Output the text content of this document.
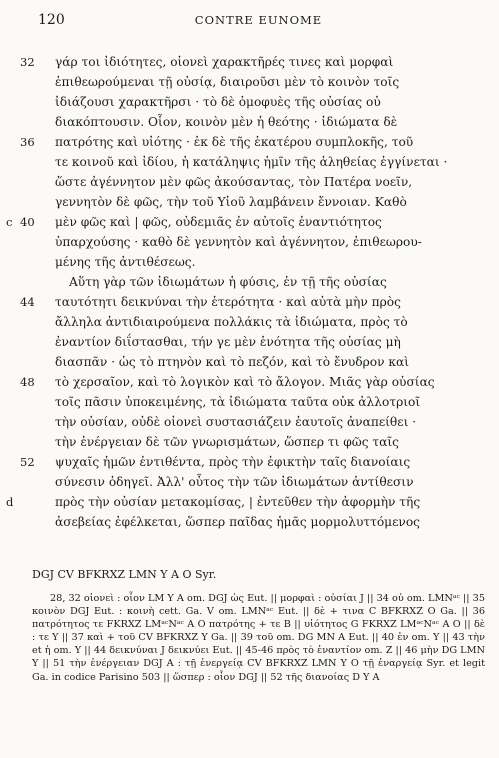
120	CONTRE EUNOME
32	γάρ τοι ἰδιότητες, οἱονεὶ χαρακτῆρές τινες καὶ μορφαὶ
ἐπιθεωρούμεναι τῇ οὐσίᾳ, διαιροῦσι μὲν τὸ κοινὸν τοῖς
ἰδιάζουσι χαρακτῆρσι · τὸ δὲ ὁμοφυὲς τῆς οὐσίας οὐ
διακόπτουσιν. Οἷον, κοινὸν μὲν ἡ θεότης · ἰδιώματα δὲ
36	πατρότης καὶ υἱότης · ἐκ δὲ τῆς ἑκατέρου συμπλοκῆς, τοῦ
τε κοινοῦ καὶ ἰδίου, ἡ κατάληψις ἡμῖν τῆς ἀληθείας ἐγγίνεται ·
ὥστε ἀγέννητον μὲν φῶς ἀκούσαντας, τὸν Πατέρα νοεῖν,
γεννητὸν δὲ φῶς, τὴν τοῦ Υἱοῦ λαμβάνειν ἔννοιαν. Καθὸ
c 40	μὲν φῶς καὶ | φῶς, οὐδεμιᾶς ἐν αὐτοῖς ἐναντιότητος
ὑπαρχούσης · καθὸ δὲ γεννητὸν καὶ ἀγέννητον, ἐπιθεωρου-
μένης τῆς ἀντιθέσεως.
Αὕτη γὰρ τῶν ἰδιωμάτων ἡ φύσις, ἐν τῇ τῆς οὐσίας
44	ταυτότητι δεικνύναι τὴν ἑτερότητα · καὶ αὐτὰ μὴν πρὸς
ἄλληλα ἀντιδιαιρούμενα πολλάκις τὰ ἰδιώματα, πρὸς τὸ
ἐναντίον διΐστασθαι, τήν γε μὲν ἑνότητα τῆς οὐσίας μὴ
διασπᾶν · ὡς τὸ πτηνὸν καὶ τὸ πεζόν, καὶ τὸ ἔνυδρον καὶ
48	τὸ χερσαῖον, καὶ τὸ λογικὸν καὶ τὸ ἄλογον. Μιᾶς γὰρ οὐσίας
τοῖς πᾶσιν ὑποκειμένης, τὰ ἰδιώματα ταῦτα οὐκ ἀλλοτριοῖ
τὴν οὐσίαν, οὐδὲ οἱονεὶ συστασιάζειν ἑαυτοῖς ἀναπείθει ·
τὴν ἐνέργειαν δὲ τῶν γνωρισμάτων, ὥσπερ τι φῶς ταῖς
52	ψυχαῖς ἡμῶν ἐντιθέντα, πρὸς τὴν ἐφικτὴν ταῖς διανοίαις
σύνεσιν ὁδηγεῖ. Ἀλλ' οὗτος τὴν τῶν ἰδιωμάτων ἀντίθεσιν
d	πρὸς τὴν οὐσίαν μετακομίσας, | ἐντεῦθεν τὴν ἀφορμὴν τῆς
ἀσεβείας ἐφέλκεται, ὥσπερ παῖδας ἡμᾶς μορμολυττόμενος
DGJ CV BFKRXZ LMN Y A O Syr.

28, 32 οἱονεὶ : οἷον LM Y A om. DGJ ὡς Eut. || μορφαὶ : οὐσίαι J || 34 οὐ om. LMNᵃᶜ || 35 κοινὸν DGJ Eut. : κοινὴ cett. Ga. V om. LMNᵃᶜ Eut. || δὲ + τινα C BFKRXZ O Ga. || 36 πατρότητος τε FKRXZ LMᵃᶜNᵃᶜ A O πατρότης + τε B || υἱότητος G FKRXZ LMᵃᶜNᵃᶜ A O || δὲ : τε Y || 37 καὶ + τοῦ CV BFKRXZ Y Ga. || 39 τοῦ om. DG MN A Eut. || 40 ἐν om. Y || 43 τὴν et ἡ om. Y || 44 δεικνύναι J δεικνύει Eut. || 45-46 πρὸς τὸ ἐναντίον om. Z || 46 μὴν DG LMN Y || 51 τὴν ἐνέργειαν DGJ A : τῇ ἐνεργείᾳ CV BFKRXZ LMN Y O τῇ ἐναργείᾳ Syr. et legit Ga. in codice Parisino 503 || ὥσπερ : οἷον DGJ || 52 τῆς διανοίας D Y A
